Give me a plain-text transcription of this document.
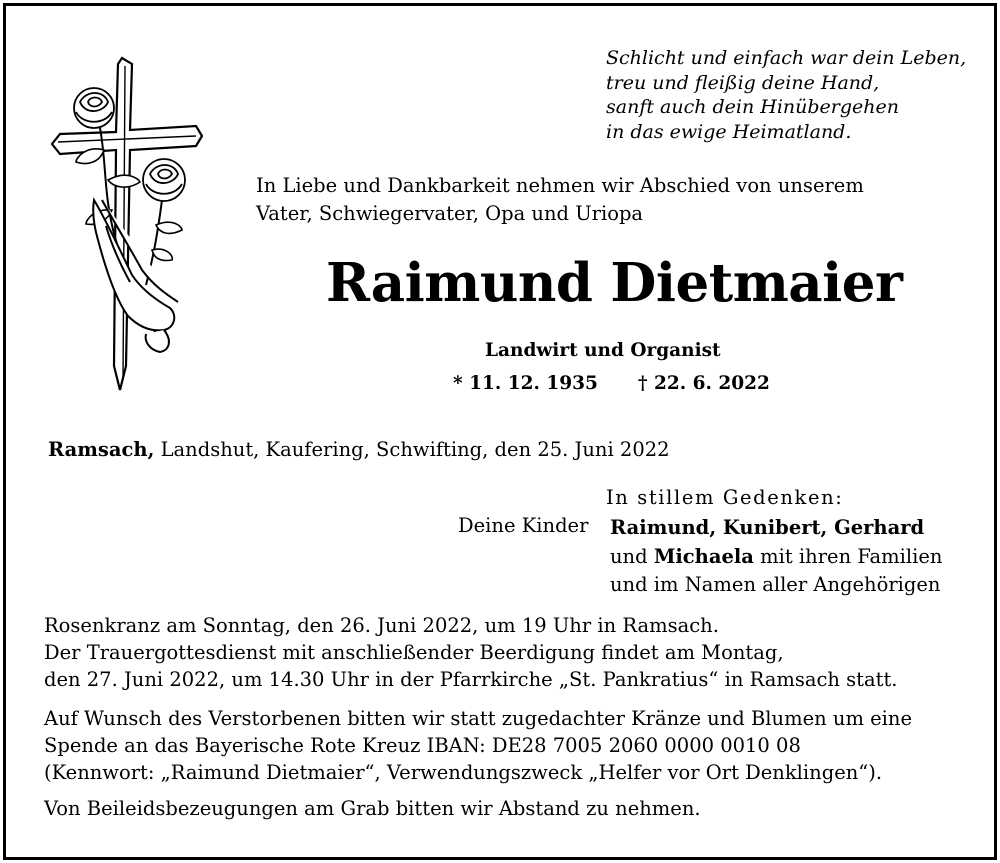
Schlicht und einfach war dein Leben,
treu und fleißig deine Hand,
sanft auch dein Hinübergehen
in das ewige Heimatland.
In Liebe und Dankbarkeit nehmen wir Abschied von unserem
Vater, Schwiegervater, Opa und Uriopa
Raimund Dietmaier
Landwirt und Organist
* 11. 12. 1935 † 22. 6. 2022
Ramsach, Landshut, Kaufering, Schwifting, den 25. Juni 2022
In stillem Gedenken:
Deine Kinder Raimund, Kunibert, Gerhard
und Michaela mit ihren Familien
und im Namen aller Angehörigen
Rosenkranz am Sonntag, den 26. Juni 2022, um 19 Uhr in Ramsach.
Der Trauergottesdienst mit anschließender Beerdigung findet am Montag,
den 27. Juni 2022, um 14.30 Uhr in der Pfarrkirche „St. Pankratius“ in Ramsach statt.
Auf Wunsch des Verstorbenen bitten wir statt zugedachter Kränze und Blumen um eine
Spende an das Bayerische Rote Kreuz IBAN: DE28 7005 2060 0000 0010 08
(Kennwort: „Raimund Dietmaier“, Verwendungszweck „Helfer vor Ort Denklingen“).
Von Beileidsbezeugungen am Grab bitten wir Abstand zu nehmen.
